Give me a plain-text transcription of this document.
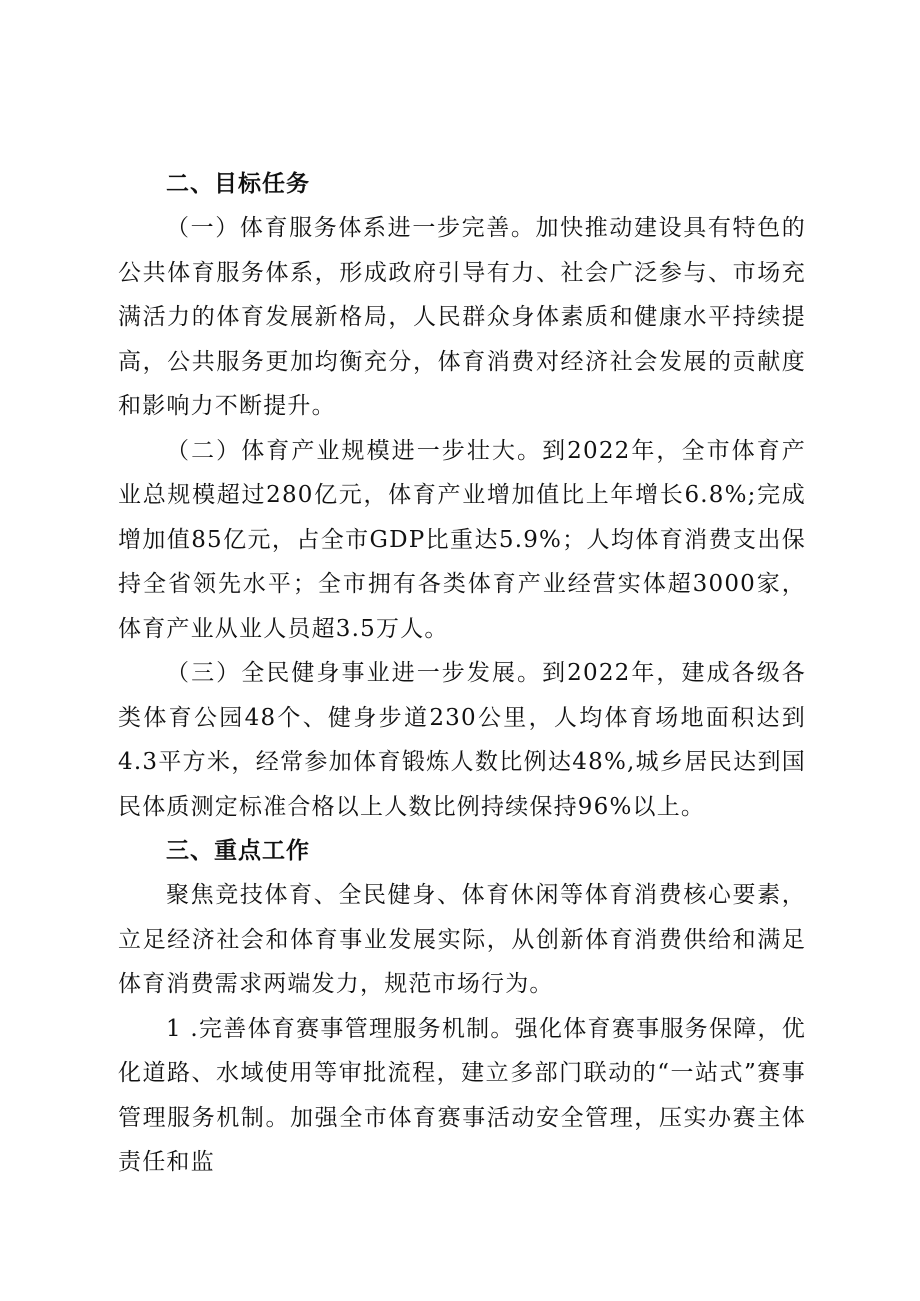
二、目标任务

（一）体育服务体系进一步完善。加快推动建设具有特色的公共体育服务体系，形成政府引导有力、社会广泛参与、市场充满活力的体育发展新格局，人民群众身体素质和健康水平持续提高，公共服务更加均衡充分，体育消费对经济社会发展的贡献度和影响力不断提升。

（二）体育产业规模进一步壮大。到2022年，全市体育产业总规模超过280亿元，体育产业增加值比上年增长6.8%;完成增加值85亿元，占全市GDP比重达5.9%；人均体育消费支出保持全省领先水平；全市拥有各类体育产业经营实体超3000家，体育产业从业人员超3.5万人。

（三）全民健身事业进一步发展。到2022年，建成各级各类体育公园48个、健身步道230公里，人均体育场地面积达到4.3平方米，经常参加体育锻炼人数比例达48%,城乡居民达到国民体质测定标准合格以上人数比例持续保持96%以上。

三、重点工作

聚焦竞技体育、全民健身、体育休闲等体育消费核心要素，立足经济社会和体育事业发展实际，从创新体育消费供给和满足体育消费需求两端发力，规范市场行为。

1 .完善体育赛事管理服务机制。强化体育赛事服务保障，优化道路、水域使用等审批流程，建立多部门联动的“一站式”赛事管理服务机制。加强全市体育赛事活动安全管理，压实办赛主体责任和监
